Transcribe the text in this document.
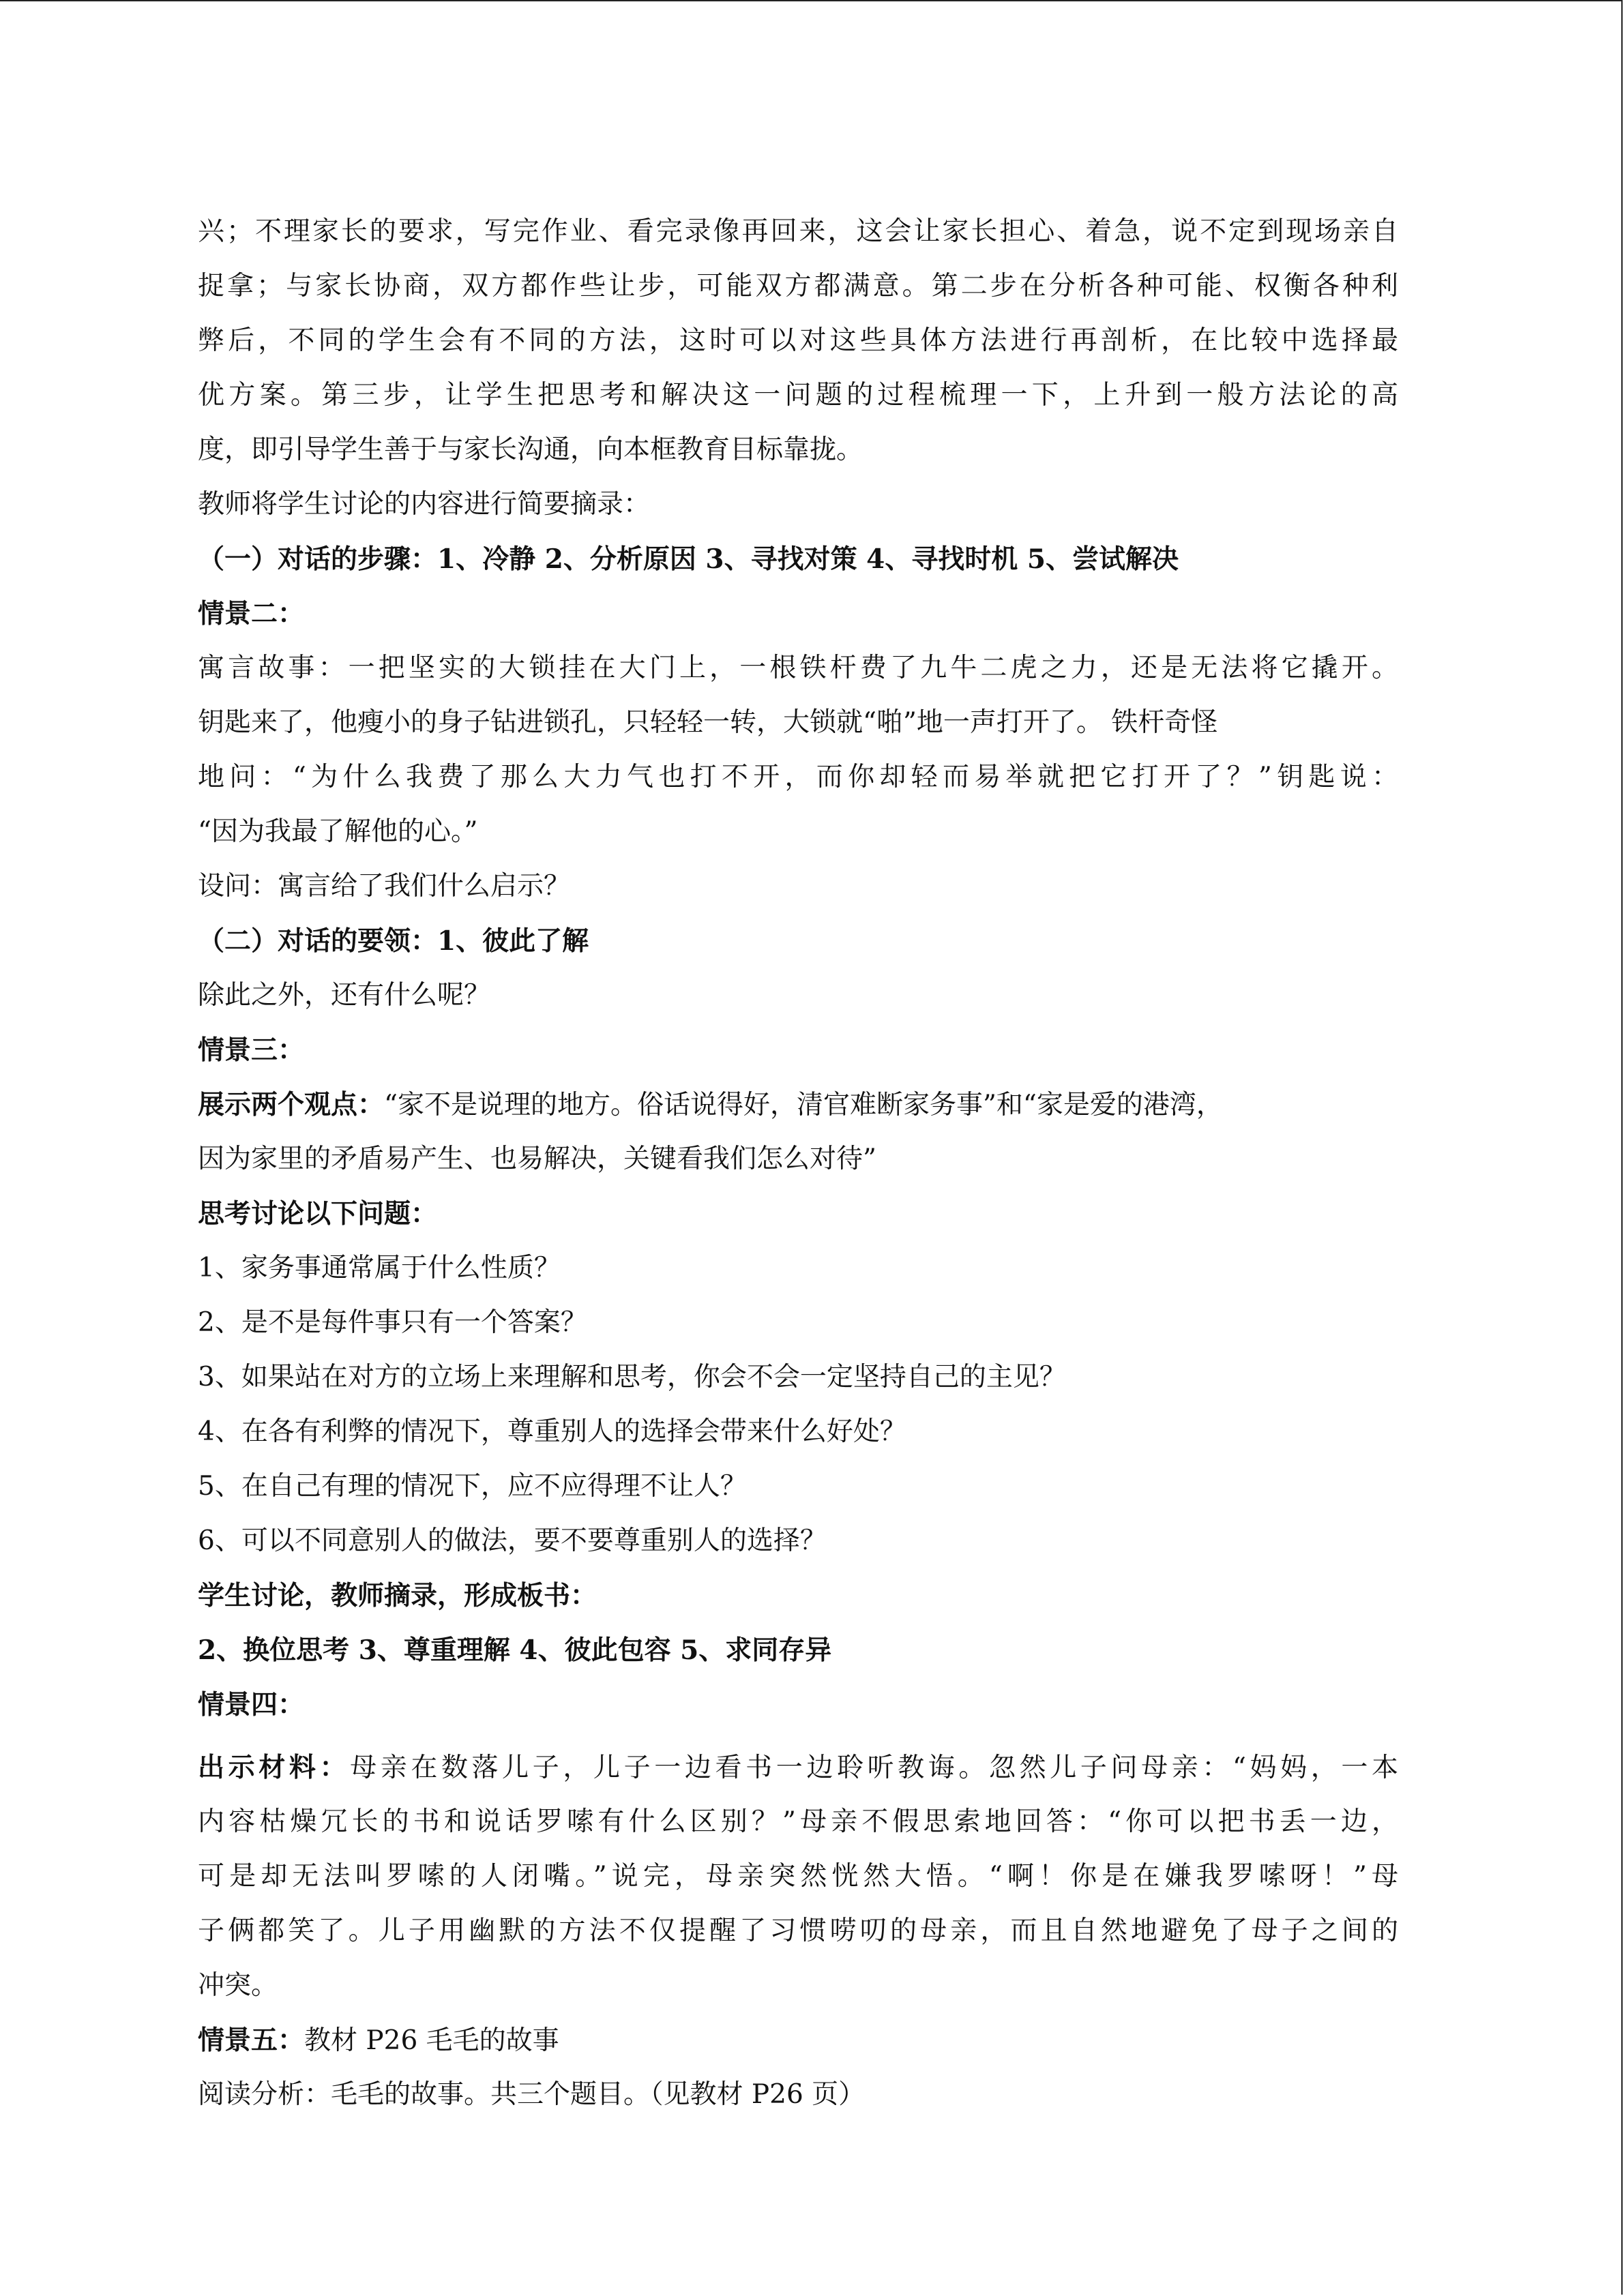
兴；不理家长的要求，写完作业、看完录像再回来，这会让家长担心、着急，说不定到现场亲自

捉拿；与家长协商，双方都作些让步，可能双方都满意。第二步在分析各种可能、权衡各种利

弊后，不同的学生会有不同的方法，这时可以对这些具体方法进行再剖析，在比较中选择最

优方案。第三步，让学生把思考和解决这一问题的过程梳理一下，上升到一般方法论的高

度，即引导学生善于与家长沟通，向本框教育目标靠拢。

教师将学生讨论的内容进行简要摘录：

（一）对话的步骤：1、冷静 2、分析原因 3、寻找对策 4、寻找时机 5、尝试解决

情景二：

寓言故事：一把坚实的大锁挂在大门上，一根铁杆费了九牛二虎之力，还是无法将它撬开。

钥匙来了，他瘦小的身子钻进锁孔，只轻轻一转，大锁就“啪”地一声打开了。 铁杆奇怪

地问：“为什么我费了那么大力气也打不开，而你却轻而易举就把它打开了？”钥匙说：

“因为我最了解他的心。”

设问：寓言给了我们什么启示？

（二）对话的要领：1、彼此了解

除此之外，还有什么呢？

情景三：

展示两个观点：“家不是说理的地方。俗话说得好，清官难断家务事”和“家是爱的港湾，

因为家里的矛盾易产生、也易解决，关键看我们怎么对待”

思考讨论以下问题：

1、家务事通常属于什么性质？

2、是不是每件事只有一个答案？

3、如果站在对方的立场上来理解和思考，你会不会一定坚持自己的主见？

4、在各有利弊的情况下，尊重别人的选择会带来什么好处？

5、在自己有理的情况下，应不应得理不让人？

6、可以不同意别人的做法，要不要尊重别人的选择？

学生讨论，教师摘录，形成板书：

2、换位思考 3、尊重理解 4、彼此包容 5、求同存异

情景四：

出示材料：母亲在数落儿子，儿子一边看书一边聆听教诲。忽然儿子问母亲：“妈妈，一本

内容枯燥冗长的书和说话罗嗦有什么区别？”母亲不假思索地回答：“你可以把书丢一边，

可是却无法叫罗嗦的人闭嘴。”说完，母亲突然恍然大悟。“啊！你是在嫌我罗嗦呀！”母

子俩都笑了。儿子用幽默的方法不仅提醒了习惯唠叨的母亲，而且自然地避免了母子之间的

冲突。

情景五：教材 P26 毛毛的故事

阅读分析：毛毛的故事。共三个题目。（见教材 P26 页）
